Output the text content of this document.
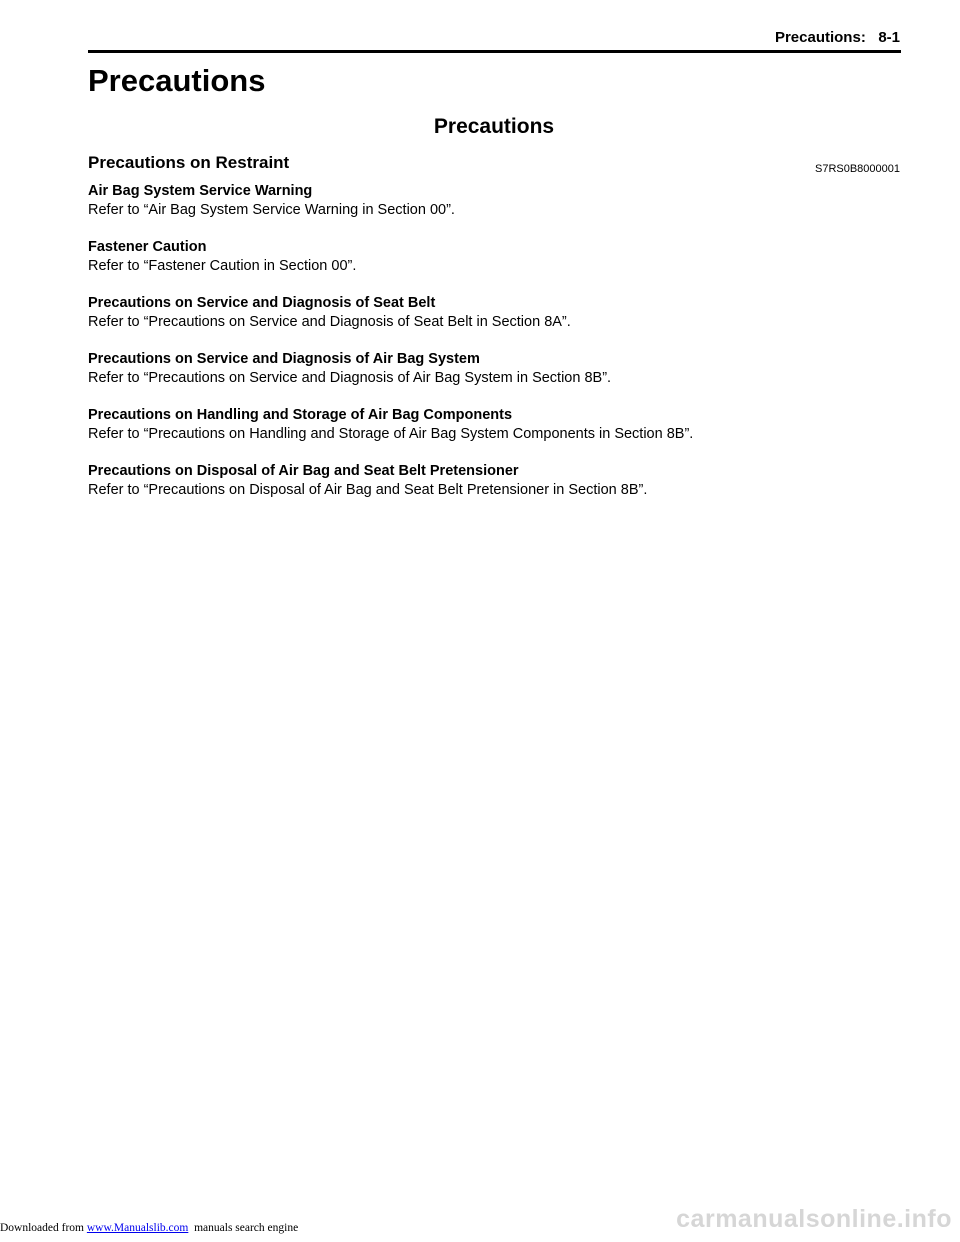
Precautions:   8-1
Precautions
Precautions
Precautions on Restraint	S7RS0B8000001
Air Bag System Service Warning
Refer to “Air Bag System Service Warning in Section 00”.
Fastener Caution
Refer to “Fastener Caution in Section 00”.
Precautions on Service and Diagnosis of Seat Belt
Refer to “Precautions on Service and Diagnosis of Seat Belt in Section 8A”.
Precautions on Service and Diagnosis of Air Bag System
Refer to “Precautions on Service and Diagnosis of Air Bag System in Section 8B”.
Precautions on Handling and Storage of Air Bag Components
Refer to “Precautions on Handling and Storage of Air Bag System Components in Section 8B”.
Precautions on Disposal of Air Bag and Seat Belt Pretensioner
Refer to “Precautions on Disposal of Air Bag and Seat Belt Pretensioner in Section 8B”.
Downloaded from www.Manualslib.com  manuals search engine	carmanualsonline.info
